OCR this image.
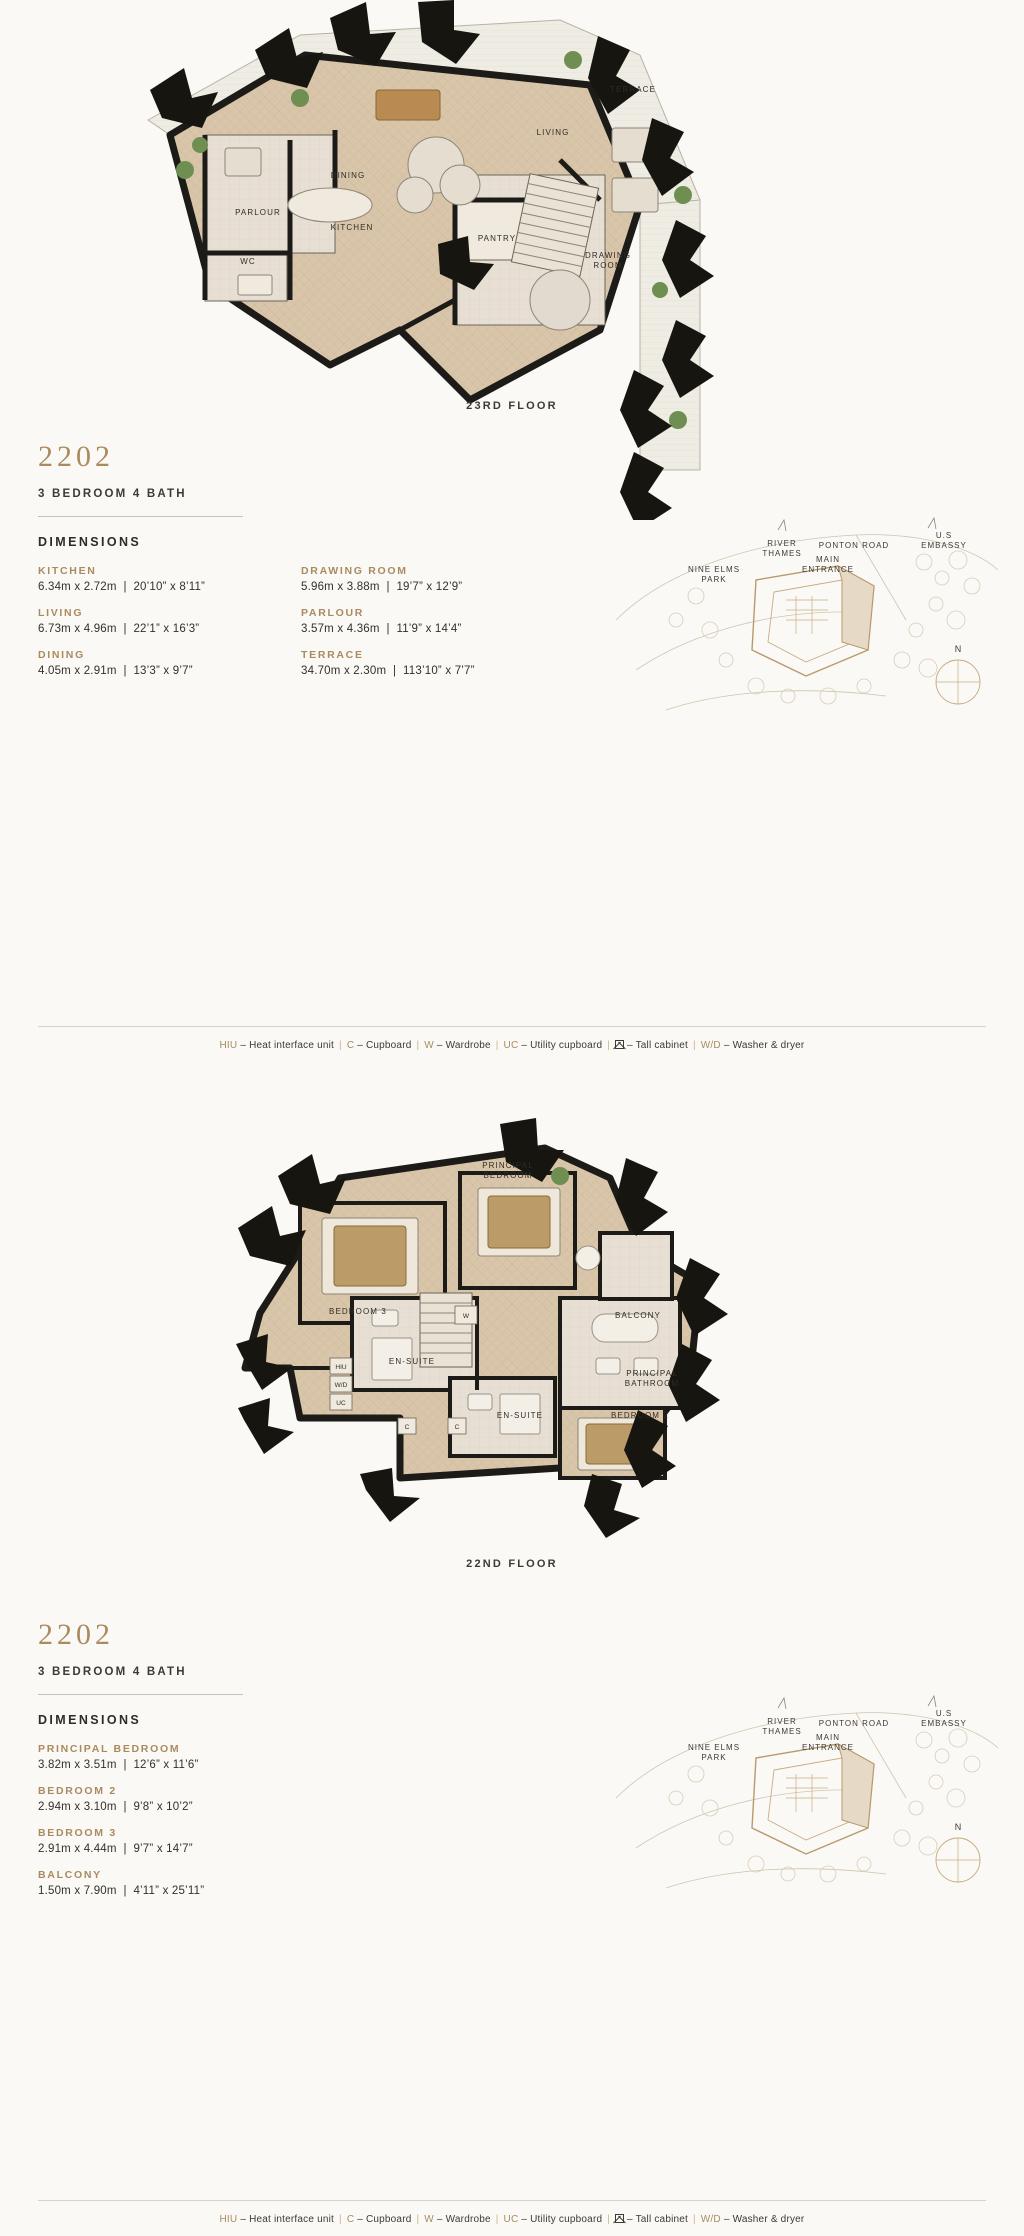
TERRACE
LIVING
DINING
KITCHEN
PARLOUR
WC
PANTRY
DRAWING
ROOM
23RD FLOOR
2202
3 BEDROOM 4 BATH
DIMENSIONS
KITCHEN
6.34m x 2.72m  |  20’10” x 8’11”
LIVING
6.73m x 4.96m  |  22’1” x 16’3”
DINING
4.05m x 2.91m  |  13’3” x 9’7”
DRAWING ROOM
5.96m x 3.88m  |  19’7” x 12’9”
PARLOUR
3.57m x 4.36m  |  11’9” x 14’4”
TERRACE
34.70m x 2.30m  |  113’10” x 7’7”
N
RIVER
THAMES
PONTON ROAD
U.S
EMBASSY
MAIN
ENTRANCE
NINE ELMS
PARK
HIU – Heat interface unit | C – Cupboard | W – Wardrobe | UC – Utility cupboard | – Tall cabinet | W/D – Washer & dryer
W
HIU
W/D
UC
C	C
PRINCIPAL
BEDROOM
BEDROOM 3	BALCONY
EN-SUITE
PRINCIPAL
BATHROOM
EN-SUITE	BEDROOM 2
22ND FLOOR
2202
3 BEDROOM 4 BATH
DIMENSIONS
PRINCIPAL BEDROOM
3.82m x 3.51m  |  12’6” x 11’6”
BEDROOM 2
2.94m x 3.10m  |  9’8” x 10’2”
BEDROOM 3
2.91m x 4.44m  |  9’7” x 14’7”
BALCONY
1.50m x 7.90m  |  4’11” x 25’11”
N
RIVER
THAMES
PONTON ROAD
U.S
EMBASSY
MAIN
ENTRANCE
NINE ELMS
PARK
HIU – Heat interface unit | C – Cupboard | W – Wardrobe | UC – Utility cupboard | – Tall cabinet | W/D – Washer & dryer
